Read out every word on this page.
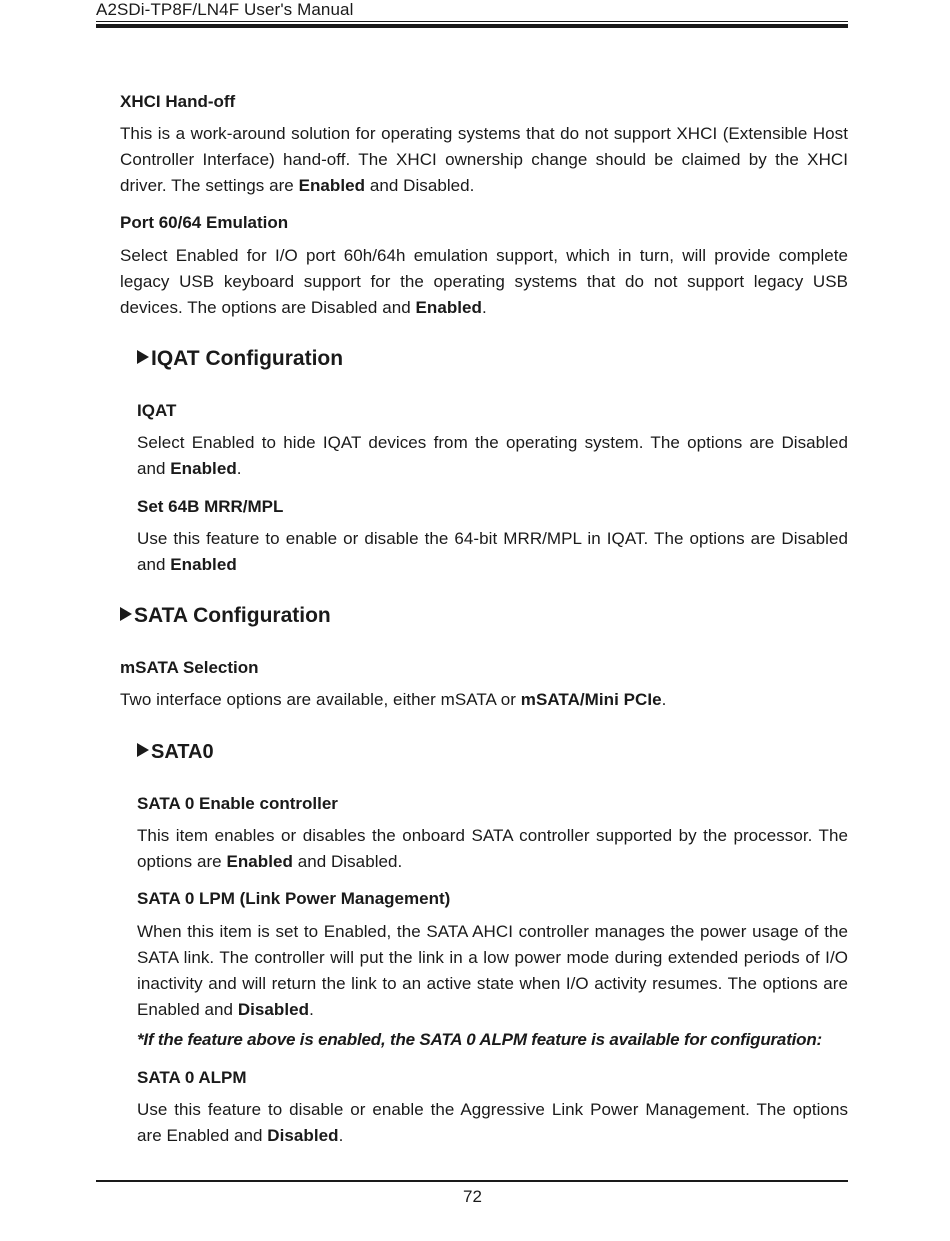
A2SDi-TP8F/LN4F User's Manual

XHCI Hand-off

This is a work-around solution for operating systems that do not support XHCI (Extensible Host Controller Interface) hand-off. The XHCI ownership change should be claimed by the XHCI driver. The settings are Enabled and Disabled.

Port 60/64 Emulation

Select Enabled for I/O port 60h/64h emulation support, which in turn, will provide complete legacy USB keyboard support for the operating systems that do not support legacy USB devices. The options are Disabled and Enabled.

IQAT Configuration

IQAT

Select Enabled to hide IQAT devices from the operating system. The options are Disabled and Enabled.

Set 64B MRR/MPL

Use this feature to enable or disable the 64-bit MRR/MPL in IQAT. The options are Disabled and Enabled

SATA Configuration

mSATA Selection

Two interface options are available, either mSATA or mSATA/Mini PCIe.

SATA0

SATA 0 Enable controller

This item enables or disables the onboard SATA controller supported by the processor. The options are Enabled and Disabled.

SATA 0 LPM (Link Power Management)

When this item is set to Enabled, the SATA AHCI controller manages the power usage of the SATA link. The controller will put the link in a low power mode during extended periods of I/O inactivity and will return the link to an active state when I/O activity resumes. The options are Enabled and Disabled.

*If the feature above is enabled, the SATA 0 ALPM feature is available for configuration:

SATA 0 ALPM

Use this feature to disable or enable the Aggressive Link Power Management. The options are Enabled and Disabled.

72
